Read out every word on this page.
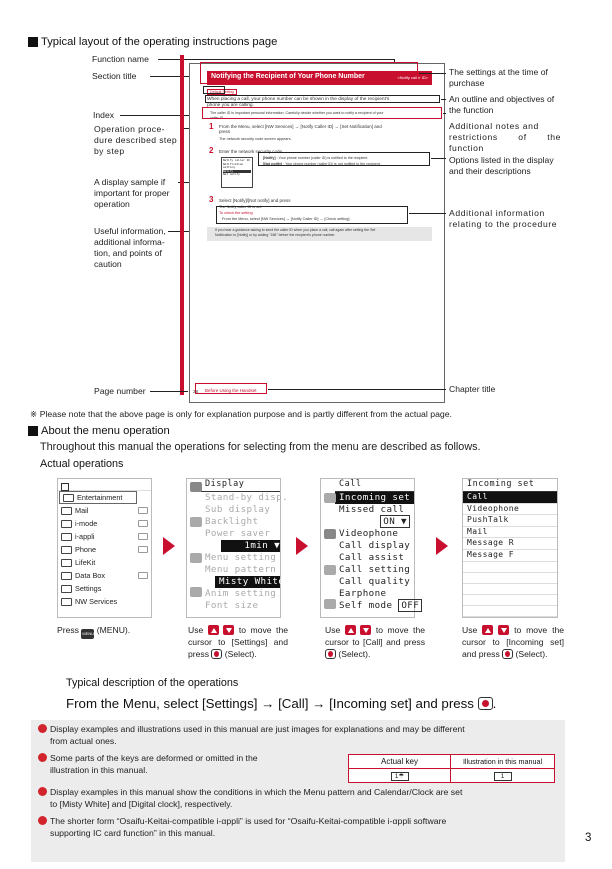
Typical layout of the operating instructions page
Function name
Section title
Index
Operation proce-
dure described step
by step
A display sample if
important for proper
operation
Useful information,
additional informa-
tion, and points of
caution
Page number
Notifying the Recipient of Your Phone Number	<Notify caller ID>
Default Setting
When placing a call, your phone number can be shown in the display of the recipient's
phone you are calling.
The caller ID is important personal information. Carefully decide whether you want to notify a recipient of your
caller ID.
1 From the Menu, select [NW Services] → [Notify Caller ID] → [Set Notification] and
press
The network security code screen appears.
2 Enter the network security code.
Notify caller ID
Notification
setting
Notify
Not notify
[Notify] : Your phone number (caller ID) is notified to the recipient.
[Not notify] : Your phone number (caller ID) is not notified to the recipient.
3 Select [Notify]/[Not notify] and press
The Notify caller ID is set.
To check the setting
From the Menu, select [NW Services] → [Notify Caller ID] → [Check setting].
If you hear a guidance asking to send the caller ID when you place a call, call again after setting the Set
Notification to [Notify] or by adding "186" before the recipient's phone number.
28 Before Using the Handset
The settings at the time of
purchase
An outline and objectives of
the function
Additional notes and
restrictions of the function
Options listed in the display
and their descriptions
Additional information
relating to the procedure
Chapter title
※ Please note that the above page is only for explanation purpose and is partly different from the actual page.
About the menu operation
Throughout this manual the operations for selecting from the menu are described as follows.
Actual operations
Entertainment
Mail
i-mode
i-appli
Phone
LifeKit
Data Box
Settings
NW Services
Display
Stand-by disp.
Sub display
Backlight
Power saver
1min ▼
Menu setting
Menu pattern
Misty White
Anim setting
Font size
Call
Incoming set
Missed call
ON ▼
Videophone
Call display
Call assist
Call setting
Call quality
Earphone
Self mode OFF
Incoming set
Call
Videophone
PushTalk
Mail
Message R
Message F
Press MENU (MENU).	Use	to move the cursor to [Settings] and press (Select).
Use	to move the cursor to [Call] and press  (Select).
Use	to move the cursor to [Incoming set] and press (Select).
Typical description of the operations
From the Menu, select [Settings] → [Call] → [Incoming set] and press .
Display examples and illustrations used in this manual are just images for explanations and may be different
from actual ones.
Some parts of the keys are deformed or omitted in the
illustration in this manual.
Actual key	Illustration in this manual
1☂	1
Display examples in this manual show the conditions in which the Menu pattern and Calendar/Clock are set
to [Misty White] and [Digital clock], respectively.
The shorter form “Osaifu-Keitai-compatible i-αppli” is used for “Osaifu-Keitai-compatible i-αppli software
supporting IC card function” in this manual.	3
